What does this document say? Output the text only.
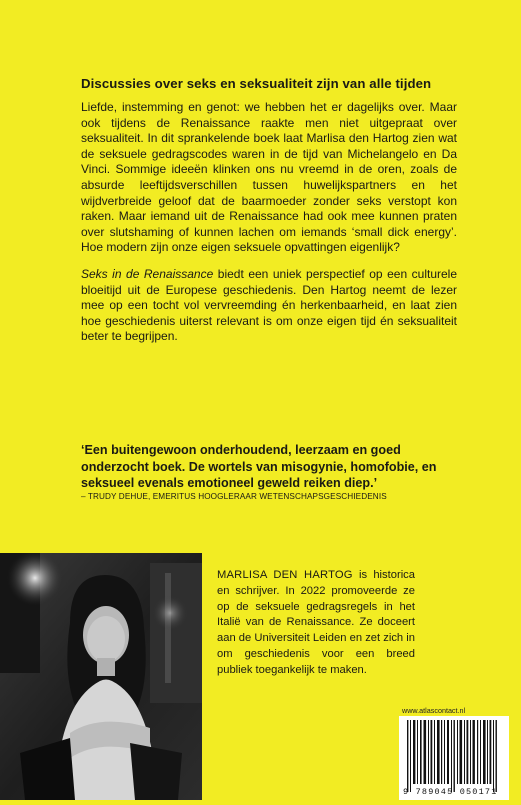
Discussies over seks en seksualiteit zijn van alle tijden

Liefde, instemming en genot: we hebben het er dagelijks over. Maar ook tijdens de Renaissance raakte men niet uitgepraat over seksualiteit. In dit sprankelende boek laat Marlisa den Hartog zien wat de seksuele gedragscodes waren in de tijd van Michelangelo en Da Vinci. Sommige ideeën klinken ons nu vreemd in de oren, zoals de absurde leeftijdsverschillen tussen huwelijkspartners en het wijdverbreide geloof dat de baarmoeder zonder seks verstopt kon raken. Maar iemand uit de Renaissance had ook mee kunnen praten over slutshaming of kunnen lachen om iemands ‘small dick energy’. Hoe modern zijn onze eigen seksuele opvattingen eigenlijk?

Seks in de Renaissance biedt een uniek perspectief op een culturele bloeitijd uit de Europese geschiedenis. Den Hartog neemt de lezer mee op een tocht vol vervreemding én herkenbaarheid, en laat zien hoe geschiedenis uiterst relevant is om onze eigen tijd én seksualiteit beter te begrijpen.

‘Een buitengewoon onderhoudend, leerzaam en goed onderzocht boek. De wortels van misogynie, homofobie, en seksueel evenals emotioneel geweld reiken diep.’
– TRUDY DEHUE, EMERITUS HOOGLERAAR WETENSCHAPSGESCHIEDENIS
MARLISA DEN HARTOG is historica en schrijver. In 2022 promoveerde ze op de seksuele gedragsregels in het Italië van de Renaissance. Ze doceert aan de Universiteit Leiden en zet zich in om geschiedenis voor een breed publiek toegankelijk te maken.
www.atlascontact.nl
9 789045 050171
